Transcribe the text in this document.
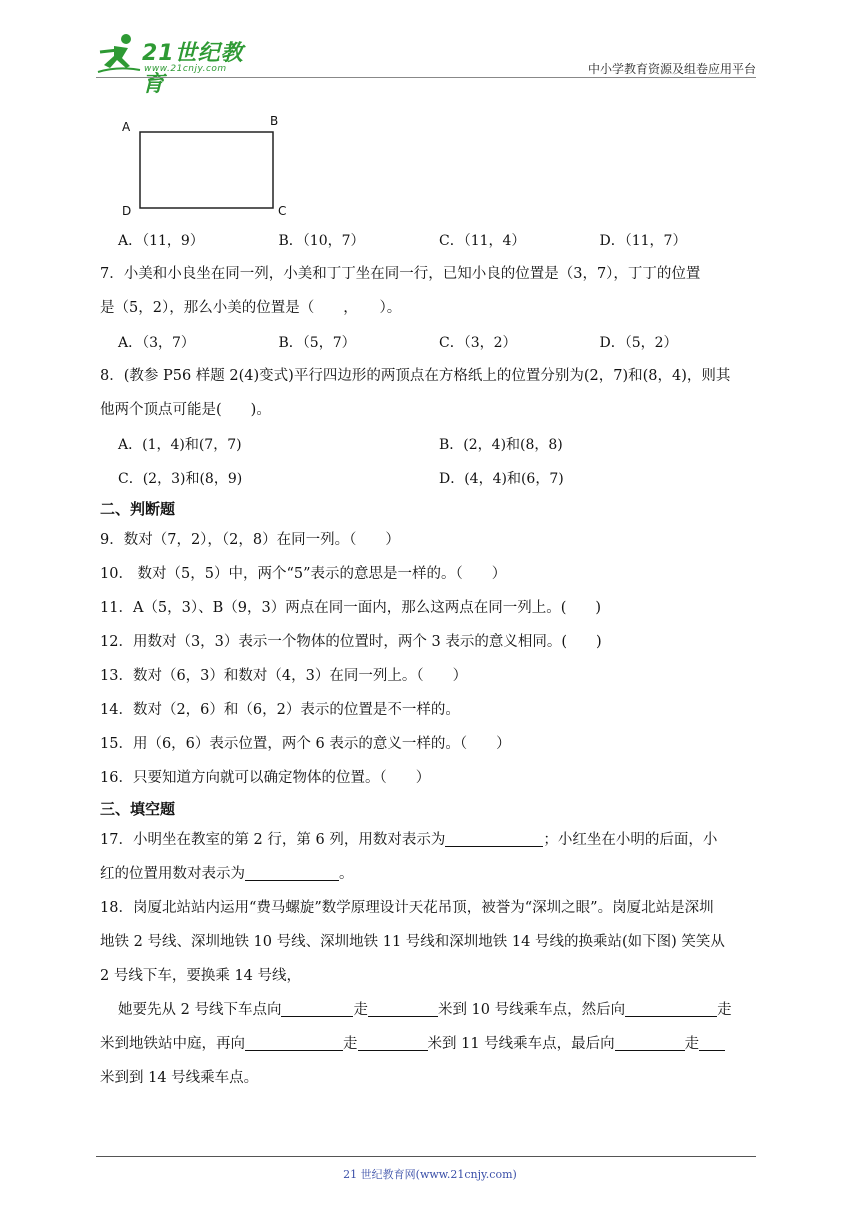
21世纪教育
www.21cnjy.com	中小学教育资源及组卷应用平台
A	B
C
D
A．（11，9）	B．（10，7）	C．（11，4）	D．（11，7）
7．小美和小良坐在同一列，小美和丁丁坐在同一行，已知小良的位置是（3，7），丁丁的位置
是（5，2），那么小美的位置是（　　，　　）。
A．（3，7）	B．（5，7）	C．（3，2）	D．（5，2）
8．(教参 P56 样题 2(4)变式)平行四边形的两顶点在方格纸上的位置分别为(2，7)和(8，4)，则其
他两个顶点可能是(　　)。
A．(1，4)和(7，7)	B．(2，4)和(8，8)
C．(2，3)和(8，9)	D．(4，4)和(6，7)
二、判断题
9．数对（7，2），（2，8）在同一列。（　　）
10． 数对（5，5）中，两个“5”表示的意思是一样的。（　　）
11．A（5，3）、B（9，3）两点在同一面内，那么这两点在同一列上。(　　)
12．用数对（3，3）表示一个物体的位置时，两个 3 表示的意义相同。(　　)
13．数对（6，3）和数对（4，3）在同一列上。（　　）
14．数对（2，6）和（6，2）表示的位置是不一样的。
15．用（6，6）表示位置，两个 6 表示的意义一样的。（　　）
16．只要知道方向就可以确定物体的位置。（　　）
三、填空题
17．小明坐在教室的第 2 行，第 6 列，用数对表示为	；小红坐在小明的后面，小
红的位置用数对表示为	。
18．岗厦北站站内运用“费马螺旋”数学原理设计天花吊顶，被誉为“深圳之眼”。岗厦北站是深圳
地铁 2 号线、深圳地铁 10 号线、深圳地铁 11 号线和深圳地铁 14 号线的换乘站(如下图) 笑笑从
2 号线下车，要换乘 14 号线，
她要先从 2 号线下车点向	走	米到 10 号线乘车点，然后向	走
米到地铁站中庭，再向	走	米到 11 号线乘车点，最后向	走
米到到 14 号线乘车点。
21 世纪教育网(www.21cnjy.com)
